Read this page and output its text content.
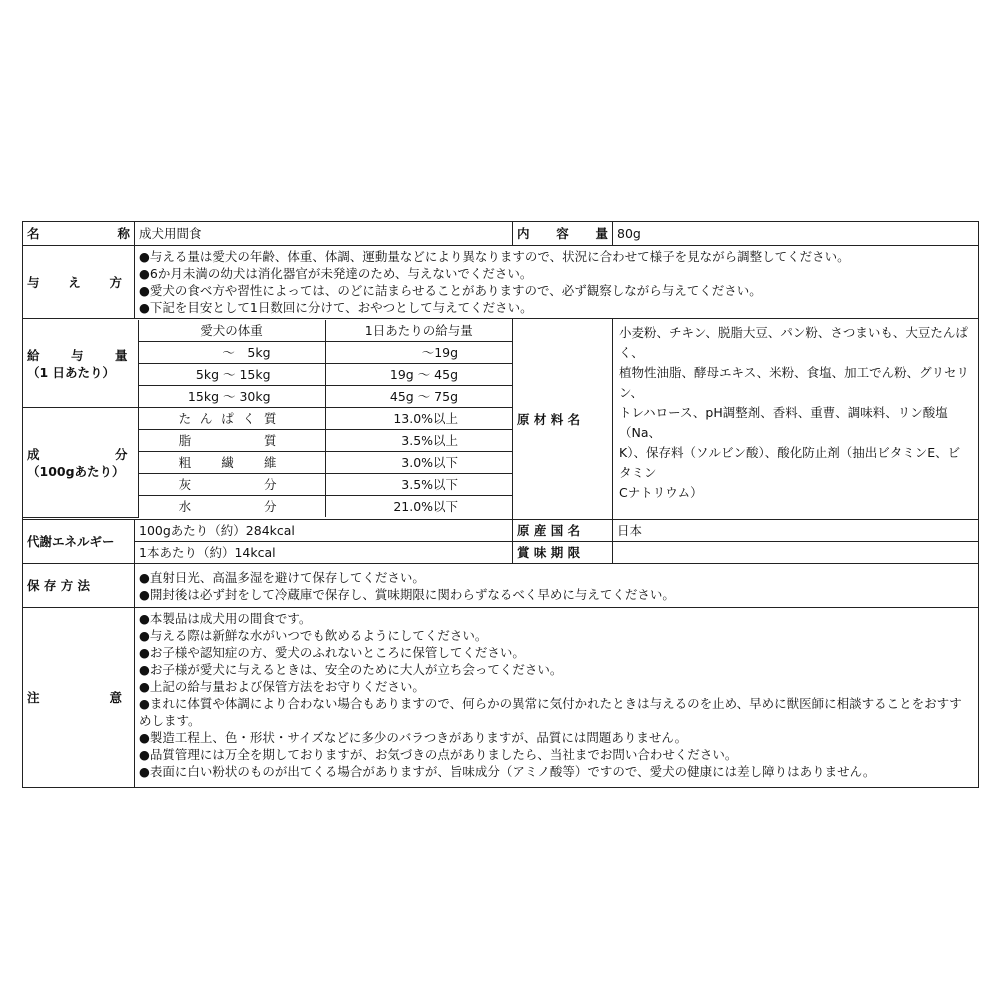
名	称	成犬用間食	内 容 量	80g

与 え 方

●与える量は愛犬の年齢、体重、体調、運動量などにより異なりますので、状況に合わせて様子を見ながら調整してください。
●6か月未満の幼犬は消化器官が未発達のため、与えないでください。
●愛犬の食べ方や習性によっては、のどに詰まらせることがありますので、必ず観察しながら与えてください。
●下記を目安として1日数回に分けて、おやつとして与えてください。

給	与	量
（1 日あたり）
	愛犬の体重	1日あたりの給与量
～　5kg	～19g
5kg ～ 15kg	19g ～ 45g
15kg ～ 30kg	45g ～ 75g

成	分
（100gあたり）

た ん ぱ く 質	13.0%以上

脂	質	3.5%以上

粗 繊 維	3.0%以下

灰	分	3.5%以下

水	分	21.0%以下
	原 材 料 名	
小麦粉、チキン、脱脂大豆、パン粉、さつまいも、大豆たんぱく、
植物性油脂、酵母エキス、米粉、食塩、加工でん粉、グリセリン、
トレハロース、pH調整剤、香料、重曹、調味料、リン酸塩（Na、
K）、保存料（ソルビン酸）、酸化防止剤（抽出ビタミンE、ビタミン
Cナトリウム）

代謝エネルギー	100gあたり（約）284kcal	原 産 国 名	日本
1本あたり（約）14kcal	賞 味 期 限	
保 存 方 法	
●直射日光、高温多湿を避けて保存してください。
●開封後は必ず封をして冷蔵庫で保存し、賞味期限に関わらずなるべく早めに与えてください。

注	意

●本製品は成犬用の間食です。
●与える際は新鮮な水がいつでも飲めるようにしてください。
●お子様や認知症の方、愛犬のふれないところに保管してください。
●お子様が愛犬に与えるときは、安全のために大人が立ち会ってください。
●上記の給与量および保管方法をお守りください。
●まれに体質や体調により合わない場合もありますので、何らかの異常に気付かれたときは与えるのを止め、早めに獣医師に相談することをおすすめします。
●製造工程上、色・形状・サイズなどに多少のバラつきがありますが、品質には問題ありません。
●品質管理には万全を期しておりますが、お気づきの点がありましたら、当社までお問い合わせください。
●表面に白い粉状のものが出てくる場合がありますが、旨味成分（アミノ酸等）ですので、愛犬の健康には差し障りはありません。
